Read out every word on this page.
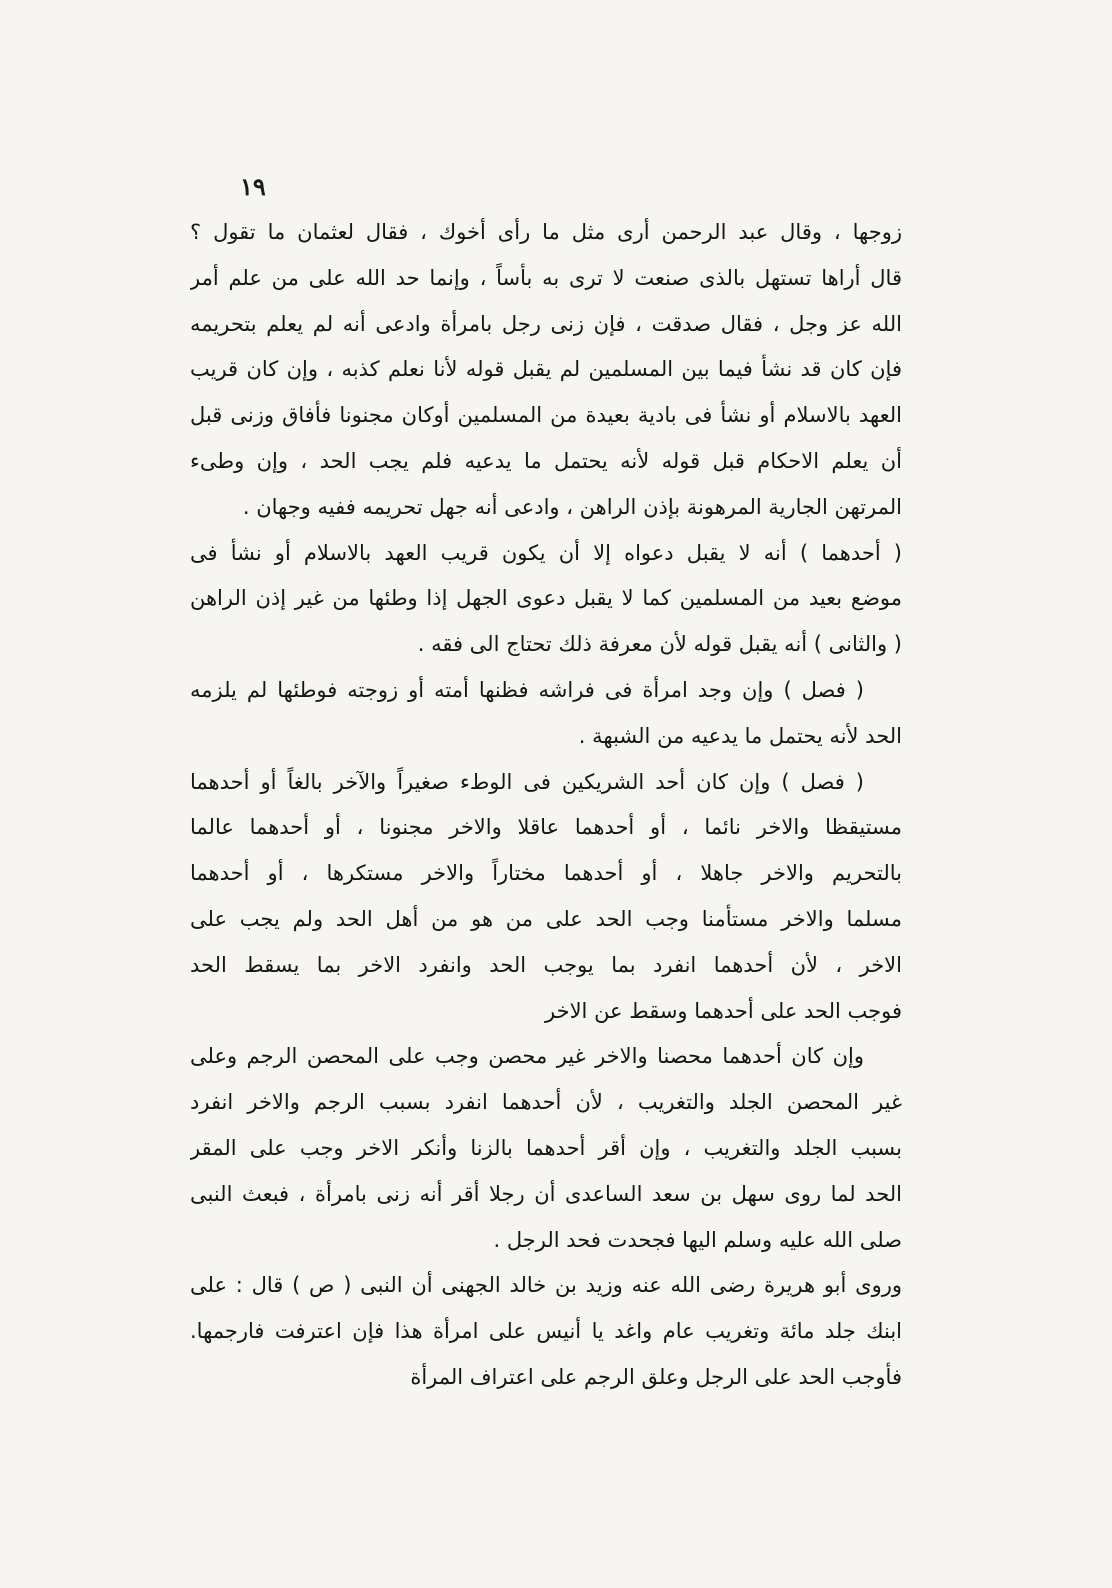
١٩
زوجها ، وقال عبد الرحمن أرى مثل ما رأى أخوك ، فقال لعثمان ما تقول ؟
قال أراها تستهل بالذى صنعت لا ترى به بأساً ، وإنما حد الله على من علم أمر
الله عز وجل ، فقال صدقت ، فإن زنى رجل بامرأة وادعى أنه لم يعلم بتحريمه
فإن كان قد نشأ فيما بين المسلمين لم يقبل قوله لأنا نعلم كذبه ، وإن كان قريب
العهد بالاسلام أو نشأ فى بادية بعيدة من المسلمين أوكان مجنونا فأفاق وزنى قبل
أن يعلم الاحكام قبل قوله لأنه يحتمل ما يدعيه فلم يجب الحد ، وإن وطىء
المرتهن الجارية المرهونة بإذن الراهن ، وادعى أنه جهل تحريمه ففيه وجهان .
( أحدهما ) أنه لا يقبل دعواه إلا أن يكون قريب العهد بالاسلام أو نشأ فى
موضع بعيد من المسلمين كما لا يقبل دعوى الجهل إذا وطئها من غير إذن الراهن
( والثانى ) أنه يقبل قوله لأن معرفة ذلك تحتاج الى فقه .
( فصل ) وإن وجد امرأة فى فراشه فظنها أمته أو زوجته فوطئها لم يلزمه
الحد لأنه يحتمل ما يدعيه من الشبهة .
( فصل ) وإن كان أحد الشريكين فى الوطء صغيراً والآخر بالغاً أو أحدهما
مستيقظا والاخر نائما ، أو أحدهما عاقلا والاخر مجنونا ، أو أحدهما عالما
بالتحريم والاخر جاهلا ، أو أحدهما مختاراً والاخر مستكرها ، أو أحدهما
مسلما والاخر مستأمنا وجب الحد على من هو من أهل الحد ولم يجب على
الاخر ، لأن أحدهما انفرد بما يوجب الحد وانفرد الاخر بما يسقط الحد
فوجب الحد على أحدهما وسقط عن الاخر
وإن كان أحدهما محصنا والاخر غير محصن وجب على المحصن الرجم وعلى
غير المحصن الجلد والتغريب ، لأن أحدهما انفرد بسبب الرجم والاخر انفرد
بسبب الجلد والتغريب ، وإن أقر أحدهما بالزنا وأنكر الاخر وجب على المقر
الحد لما روى سهل بن سعد الساعدى أن رجلا أقر أنه زنى بامرأة ، فبعث النبى
صلى الله عليه وسلم اليها فجحدت فحد الرجل .
وروى أبو هريرة رضى الله عنه وزيد بن خالد الجهنى أن النبى ( ص ) قال : على
ابنك جلد مائة وتغريب عام واغد يا أنيس على امرأة هذا فإن اعترفت فارجمها.
فأوجب الحد على الرجل وعلق الرجم على اعتراف المرأة
